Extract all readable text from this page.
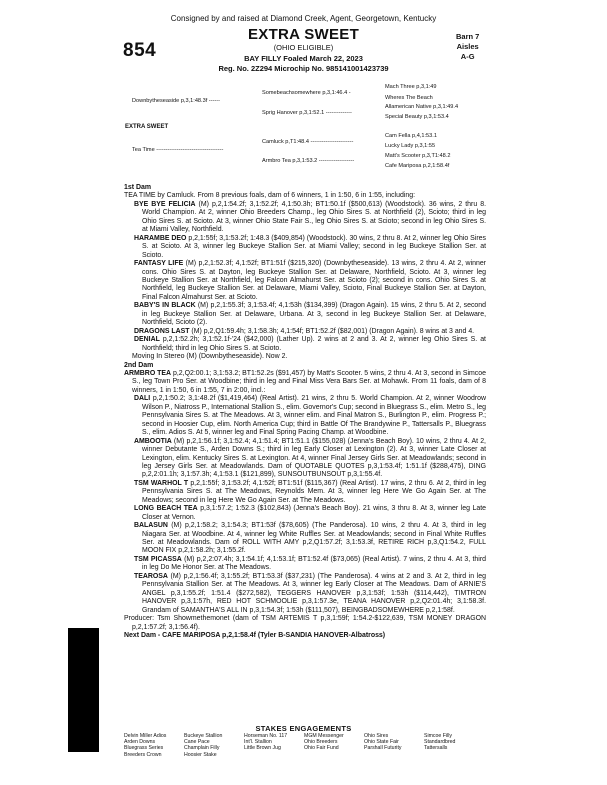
Consigned by and raised at Diamond Creek, Agent, Georgetown, Kentucky
854
EXTRA SWEET
(OHIO ELIGIBLE)
BAY FILLY Foaled March 22, 2023
Reg. No. 2Z294 Microchip No. 985141001423739
Barn 7
Aisles
A-G
Downbytheseaside p,3,1:48.3f ------
Somebeachsomewhere p,3,1:46.4 -
Sprig Hanover p,3,1:52.1 --------------
Mach Three p,3,1:49
Wheres The Beach
Allamerican Native p,3,1:49.4
Special Beauty p,3,1:53.4
EXTRA SWEET
Tea Time ------------------------------------
Camluck p,T1:48.4 -----------------------
Armbro Tea p,3,1:53.2 -------------------
Cam Fella p,4,1:53.1
Lucky Lady p,3,1:55
Matt's Scooter p,3,T1:48.2
Cafe Mariposa p,2,1:58.4f

1st Dam

TEA TIME by Camluck. From 8 previous foals, dam of 6 winners, 1 in 1:50, 6 in 1:55, including:

BYE BYE FELICIA (M) p,2,1:54.2f; 3,1:52.2f; 4,1:50.3h; BT1:50.1f ($500,613) (Woodstock). 36 wins, 2 thru 8. World Champion. At 2, winner Ohio Breeders Champ., leg Ohio Sires S. at Northfield (2), Scioto; third in leg Ohio Sires S. at Scioto. At 3, winner Ohio State Fair S., leg Ohio Sires S. at Scioto; second in leg Ohio Sires S. at Miami Valley, Northfield.

HARAMBE DEO p,2,1:55f; 3,1:53.2f; 1:48.3 ($409,854) (Woodstock). 30 wins, 2 thru 8. At 2, winner leg Ohio Sires S. at Scioto. At 3, winner leg Buckeye Stallion Ser. at Miami Valley; second in leg Buckeye Stallion Ser. at Scioto.

FANTASY LIFE (M) p,2,1:52.3f; 4,1:52f; BT1:51f ($215,320) (Downbytheseaside). 13 wins, 2 thru 4. At 2, winner cons. Ohio Sires S. at Dayton, leg Buckeye Stallion Ser. at Delaware, Northfield, Scioto. At 3, winner leg Buckeye Stallion Ser. at Northfield, leg Falcon Almahurst Ser. at Scioto (2); second in cons. Ohio Sires S. at Northfield, leg Buckeye Stallion Ser. at Delaware, Miami Valley, Scioto, Final Buckeye Stallion Ser. at Dayton, Final Falcon Almahurst Ser. at Scioto.

BABY'S IN BLACK (M) p,2,1:55.3f; 3,1:53.4f; 4,1:53h ($134,399) (Dragon Again). 15 wins, 2 thru 5. At 2, second in leg Buckeye Stallion Ser. at Delaware, Urbana. At 3, second in leg Buckeye Stallion Ser. at Delaware, Northfield, Scioto (2).

DRAGONS LAST (M) p,2,Q1:59.4h; 3,1:58.3h; 4,1:54f; BT1:52.2f ($82,001) (Dragon Again). 8 wins at 3 and 4.

DENIAL p,2,1:52.2h; 3,1:52.1f-'24 ($42,000) (Lather Up). 2 wins at 2 and 3. At 2, winner leg Ohio Sires S. at Northfield; third in leg Ohio Sires S. at Scioto.

Moving In Stereo (M) (Downbytheseaside). Now 2.

2nd Dam

ARMBRO TEA p,2,Q2:00.1; 3,1:53.2; BT1:52.2s ($91,457) by Matt's Scooter. 5 wins, 2 thru 4. At 3, second in Simcoe S., leg Town Pro Ser. at Woodbine; third in leg and Final Miss Vera Bars Ser. at Mohawk. From 11 foals, dam of 8 winners, 1 in 1:50, 6 in 1:55, 7 in 2:00, incl.:

DALI p,2,1:50.2; 3,1:48.2f ($1,419,464) (Real Artist). 21 wins, 2 thru 5. World Champion. At 2, winner Woodrow Wilson P., Niatross P., International Stallion S., elim. Governor's Cup; second in Bluegrass S., elim. Metro S., leg Pennsylvania Sires S. at The Meadows. At 3, winner elim. and Final Matron S., Burlington P., elim. Progress P.; second in Hoosier Cup, elim. North America Cup; third in Battle Of The Brandywine P., Tattersalls P., Bluegrass S., elim. Adios S. At 5, winner leg and Final Spring Pacing Champ. at Woodbine.

AMBOOTIA (M) p,2,1:56.1f; 3,1:52.4; 4,1:51.4; BT1:51.1 ($155,028) (Jenna's Beach Boy). 10 wins, 2 thru 4. At 2, winner Debutante S., Arden Downs S.; third in leg Early Closer at Lexington (2). At 3, winner Late Closer at Lexington, elim. Kentucky Sires S. at Lexington. At 4, winner Final Jersey Girls Ser. at Meadowlands; second in leg Jersey Girls Ser. at Meadowlands. Dam of QUOTABLE QUOTES p,3,1:53.4f; 1:51.1f ($288,475), DING p,2,2:01.1h; 3,1:57.3h; 4,1:53.1 ($121,899), SUNSOUTBUNSOUT p,3,1:55.4f.

TSM WARHOL T p,2,1:55f; 3,1:53.2f; 4,1:52f; BT1:51f ($115,367) (Real Artist). 17 wins, 2 thru 6. At 2, third in leg Pennsylvania Sires S. at The Meadows, Reynolds Mem. At 3, winner leg Here We Go Again Ser. at The Meadows; second in leg Here We Go Again Ser. at The Meadows.

LONG BEACH TEA p,3,1:57.2; 1:52.3 ($102,843) (Jenna's Beach Boy). 21 wins, 3 thru 8. At 3, winner leg Late Closer at Vernon.

BALASUN (M) p,2,1:58.2; 3,1:54.3; BT1:53f ($78,605) (The Panderosa). 10 wins, 2 thru 4. At 3, third in leg Niagara Ser. at Woodbine. At 4, winner leg White Ruffles Ser. at Meadowlands; second in Final White Ruffles Ser. at Meadowlands. Dam of ROLL WITH AMY p,2,Q1:57.2f; 3,1:53.3f, RETIRE RICH p,3,Q1:54.2, FULL MOON FIX p,2,1:58.2h; 3,1:55.2f.

TSM PICASSA (M) p,2,2:07.4h; 3,1:54.1f; 4,1:53.1f; BT1:52.4f ($73,065) (Real Artist). 7 wins, 2 thru 4. At 3, third in leg Do Me Honor Ser. at The Meadows.

TEAROSA (M) p,2,1:56.4f; 3,1:55.2f; BT1:53.3f ($37,231) (The Panderosa). 4 wins at 2 and 3. At 2, third in leg Pennsylvania Stallion Ser. at The Meadows. At 3, winner leg Early Closer at The Meadows. Dam of ARNIE'S ANGEL p,3,1:55.2f; 1:51.4 ($272,582), TEGGERS HANOVER p,3,1:53f; 1:53h ($114,442), TIMTRON HANOVER p,3,1:57h, RED HOT SCHMOOLIE p,3,1:57.3e, TEANA HANOVER p,2,Q2:01.4h; 3,1:58.3f. Grandam of SAMANTHA'S ALL IN p,3,1:54.3f; 1:53h ($111,507), BEINGBADSOMEWHERE p,2,1:58f.

Producer: Tsm Showmethemonet (dam of TSM ARTEMIS T p,3,1:59f; 1:54.2-$122,639, TSM MONEY DRAGON p,2,1:57.2f; 3,1:56.4f).

Next Dam - CAFE MARIPOSA p,2,1:58.4f (Tyler B-SANDIA HANOVER-Albatross)

STAKES ENGAGEMENTS
Delvin Miller Adios
Arden Downs
Bluegrass Series
Breeders Crown
Buckeye Stallion
Cane Pace
Champlain Filly
Hoosier Stake
Horseman No. 117
Int'l. Stallion
Little Brown Jug
MGM Messenger
Ohio Breeders
Ohio Fair Fund
Ohio Sires
Ohio State Fair
Parshall Futurity
Simcoe Filly
Standardbred
Tattersalls
